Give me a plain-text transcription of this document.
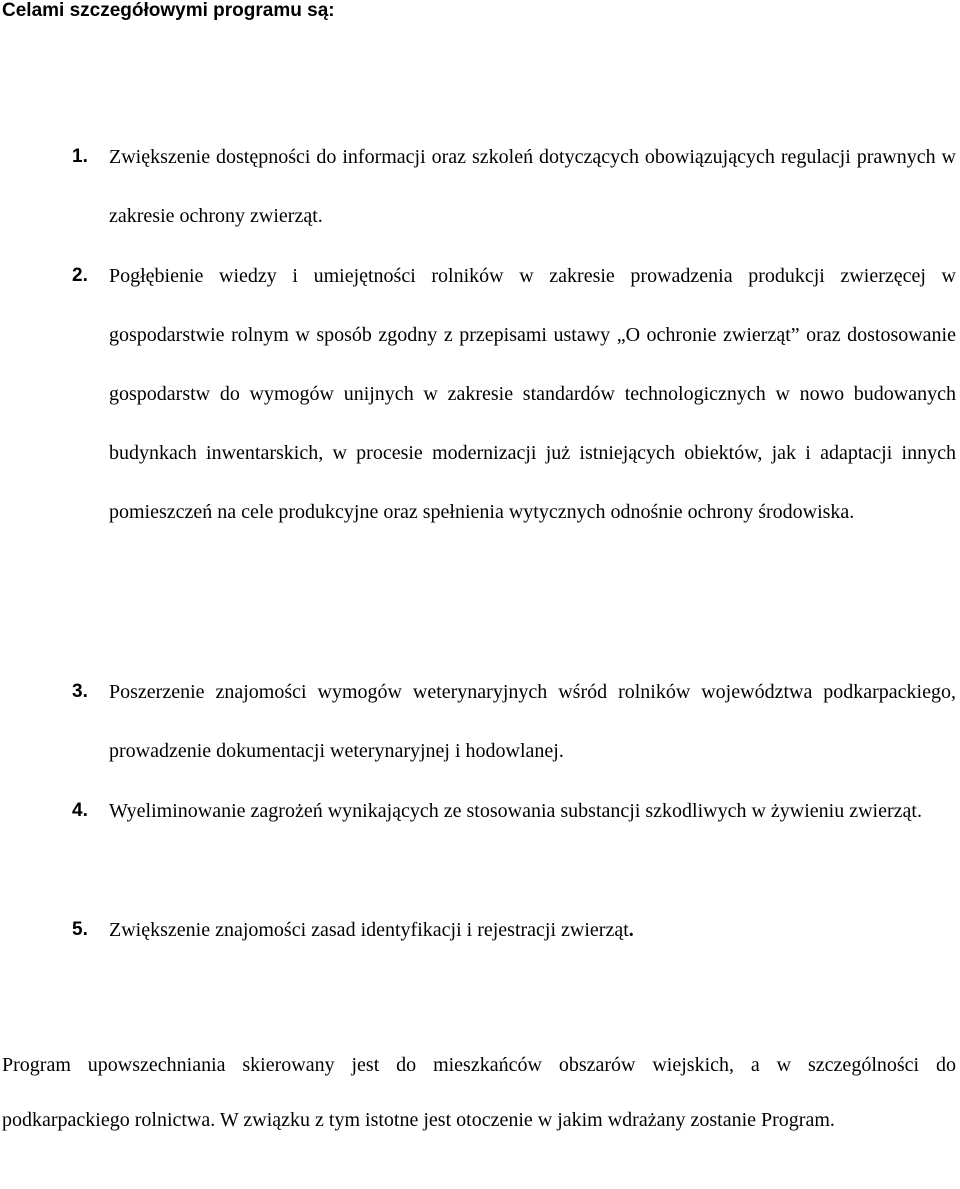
Celami szczegółowymi programu są:
1. Zwiększenie dostępności do informacji oraz szkoleń dotyczących obowiązujących regulacji prawnych w zakresie ochrony zwierząt.
2. Pogłębienie wiedzy i umiejętności rolników w zakresie prowadzenia produkcji zwierzęcej w gospodarstwie rolnym w sposób zgodny z przepisami ustawy „O ochronie zwierząt” oraz dostosowanie gospodarstw do wymogów unijnych w zakresie standardów technologicznych w nowo budowanych budynkach inwentarskich, w procesie modernizacji już istniejących obiektów, jak i adaptacji innych pomieszczeń na cele produkcyjne oraz spełnienia wytycznych odnośnie ochrony środowiska.
3. Poszerzenie znajomości wymogów weterynaryjnych wśród rolników województwa podkarpackiego, prowadzenie dokumentacji weterynaryjnej i hodowlanej.
4. Wyeliminowanie zagrożeń wynikających ze stosowania substancji szkodliwych w żywieniu zwierząt.
5. Zwiększenie znajomości zasad identyfikacji i rejestracji zwierząt.
Program upowszechniania skierowany jest do mieszkańców obszarów wiejskich, a w szczególności do podkarpackiego rolnictwa. W związku z tym istotne jest otoczenie w jakim wdrażany zostanie Program.
